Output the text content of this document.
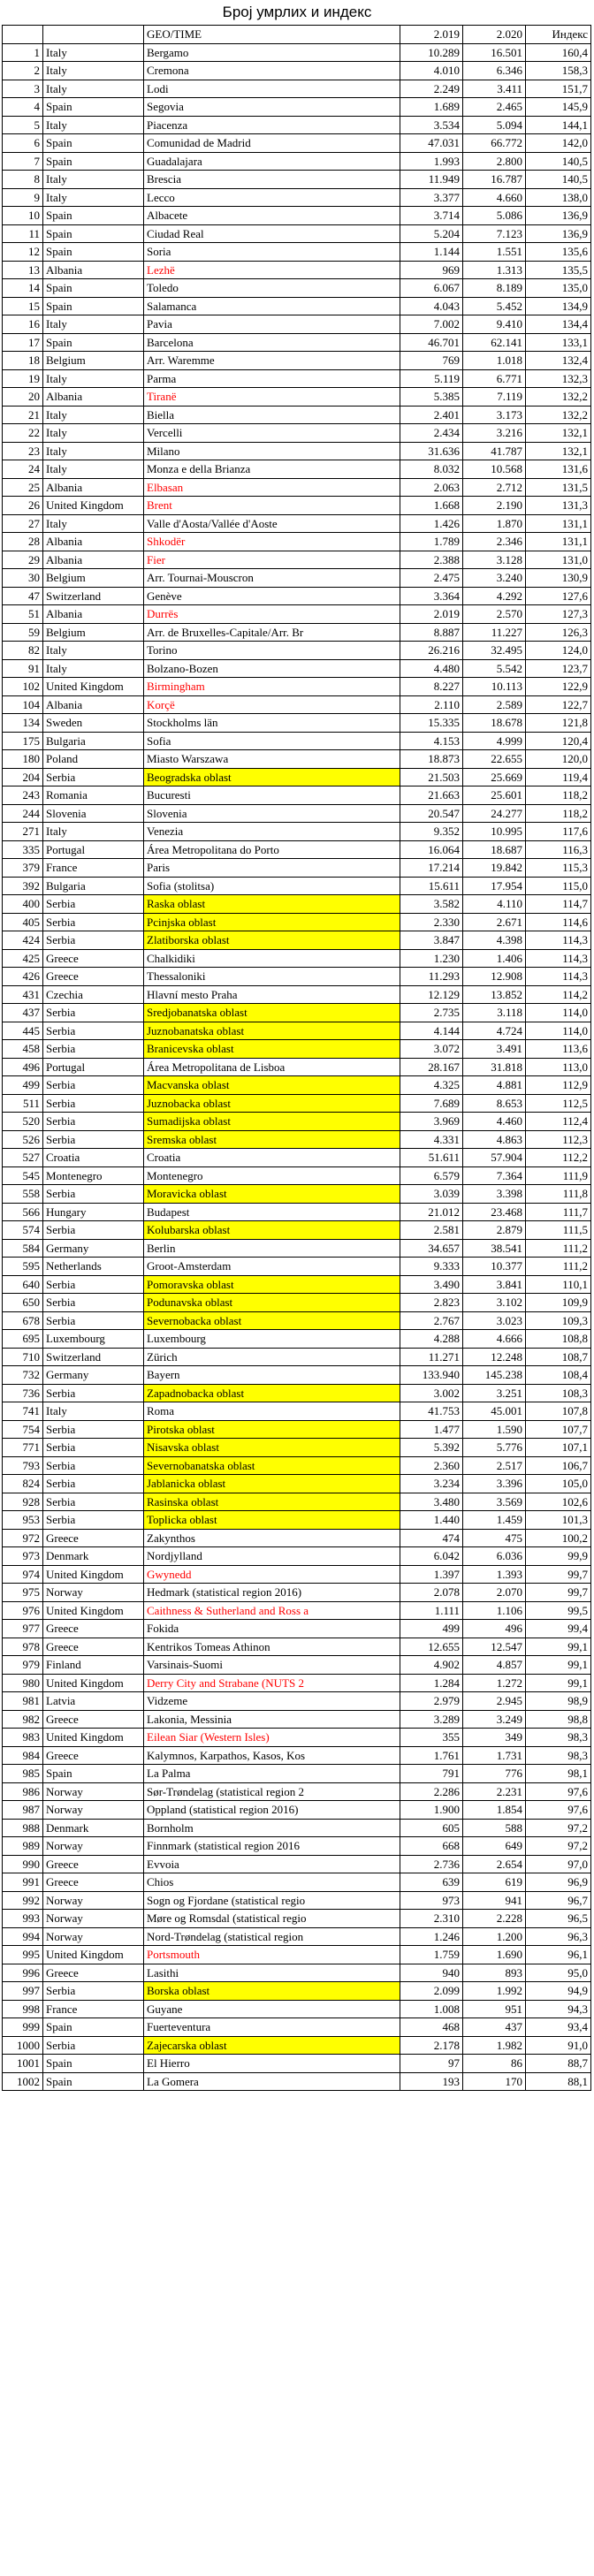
Број умрлих и индекс
		GEO/TIME	2.019	2.020	Индекс
1	Italy	Bergamo	10.289	16.501	160,4
2	Italy	Cremona	4.010	6.346	158,3
3	Italy	Lodi	2.249	3.411	151,7
4	Spain	Segovia	1.689	2.465	145,9
5	Italy	Piacenza	3.534	5.094	144,1
6	Spain	Comunidad de Madrid	47.031	66.772	142,0
7	Spain	Guadalajara	1.993	2.800	140,5
8	Italy	Brescia	11.949	16.787	140,5
9	Italy	Lecco	3.377	4.660	138,0
10	Spain	Albacete	3.714	5.086	136,9
11	Spain	Ciudad Real	5.204	7.123	136,9
12	Spain	Soria	1.144	1.551	135,6
13	Albania	Lezhë	969	1.313	135,5
14	Spain	Toledo	6.067	8.189	135,0
15	Spain	Salamanca	4.043	5.452	134,9
16	Italy	Pavia	7.002	9.410	134,4
17	Spain	Barcelona	46.701	62.141	133,1
18	Belgium	Arr. Waremme	769	1.018	132,4
19	Italy	Parma	5.119	6.771	132,3
20	Albania	Tiranë	5.385	7.119	132,2
21	Italy	Biella	2.401	3.173	132,2
22	Italy	Vercelli	2.434	3.216	132,1
23	Italy	Milano	31.636	41.787	132,1
24	Italy	Monza e della Brianza	8.032	10.568	131,6
25	Albania	Elbasan	2.063	2.712	131,5
26	United Kingdom	Brent	1.668	2.190	131,3
27	Italy	Valle d'Aosta/Vallée d'Aoste	1.426	1.870	131,1
28	Albania	Shkodër	1.789	2.346	131,1
29	Albania	Fier	2.388	3.128	131,0
30	Belgium	Arr. Tournai-Mouscron	2.475	3.240	130,9
47	Switzerland	Genève	3.364	4.292	127,6
51	Albania	Durrës	2.019	2.570	127,3
59	Belgium	Arr. de Bruxelles-Capitale/Arr. Br	8.887	11.227	126,3
82	Italy	Torino	26.216	32.495	124,0
91	Italy	Bolzano-Bozen	4.480	5.542	123,7
102	United Kingdom	Birmingham	8.227	10.113	122,9
104	Albania	Korçë	2.110	2.589	122,7
134	Sweden	Stockholms län	15.335	18.678	121,8
175	Bulgaria	Sofia	4.153	4.999	120,4
180	Poland	Miasto Warszawa	18.873	22.655	120,0
204	Serbia	Beogradska oblast	21.503	25.669	119,4
243	Romania	Bucuresti	21.663	25.601	118,2
244	Slovenia	Slovenia	20.547	24.277	118,2
271	Italy	Venezia	9.352	10.995	117,6
335	Portugal	Área Metropolitana do Porto	16.064	18.687	116,3
379	France	Paris	17.214	19.842	115,3
392	Bulgaria	Sofia (stolitsa)	15.611	17.954	115,0
400	Serbia	Raska oblast	3.582	4.110	114,7
405	Serbia	Pcinjska oblast	2.330	2.671	114,6
424	Serbia	Zlatiborska oblast	3.847	4.398	114,3
425	Greece	Chalkidiki	1.230	1.406	114,3
426	Greece	Thessaloniki	11.293	12.908	114,3
431	Czechia	Hlavní mesto Praha	12.129	13.852	114,2
437	Serbia	Sredjobanatska oblast	2.735	3.118	114,0
445	Serbia	Juznobanatska oblast	4.144	4.724	114,0
458	Serbia	Branicevska oblast	3.072	3.491	113,6
496	Portugal	Área Metropolitana de Lisboa	28.167	31.818	113,0
499	Serbia	Macvanska oblast	4.325	4.881	112,9
511	Serbia	Juznobacka oblast	7.689	8.653	112,5
520	Serbia	Sumadijska oblast	3.969	4.460	112,4
526	Serbia	Sremska oblast	4.331	4.863	112,3
527	Croatia	Croatia	51.611	57.904	112,2
545	Montenegro	Montenegro	6.579	7.364	111,9
558	Serbia	Moravicka oblast	3.039	3.398	111,8
566	Hungary	Budapest	21.012	23.468	111,7
574	Serbia	Kolubarska oblast	2.581	2.879	111,5
584	Germany	Berlin	34.657	38.541	111,2
595	Netherlands	Groot-Amsterdam	9.333	10.377	111,2
640	Serbia	Pomoravska oblast	3.490	3.841	110,1
650	Serbia	Podunavska oblast	2.823	3.102	109,9
678	Serbia	Severnobacka oblast	2.767	3.023	109,3
695	Luxembourg	Luxembourg	4.288	4.666	108,8
710	Switzerland	Zürich	11.271	12.248	108,7
732	Germany	Bayern	133.940	145.238	108,4
736	Serbia	Zapadnobacka oblast	3.002	3.251	108,3
741	Italy	Roma	41.753	45.001	107,8
754	Serbia	Pirotska oblast	1.477	1.590	107,7
771	Serbia	Nisavska oblast	5.392	5.776	107,1
793	Serbia	Severnobanatska oblast	2.360	2.517	106,7
824	Serbia	Jablanicka oblast	3.234	3.396	105,0
928	Serbia	Rasinska oblast	3.480	3.569	102,6
953	Serbia	Toplicka oblast	1.440	1.459	101,3
972	Greece	Zakynthos	474	475	100,2
973	Denmark	Nordjylland	6.042	6.036	99,9
974	United Kingdom	Gwynedd	1.397	1.393	99,7
975	Norway	Hedmark (statistical region 2016)	2.078	2.070	99,7
976	United Kingdom	Caithness & Sutherland and Ross a	1.111	1.106	99,5
977	Greece	Fokida	499	496	99,4
978	Greece	Kentrikos Tomeas Athinon	12.655	12.547	99,1
979	Finland	Varsinais-Suomi	4.902	4.857	99,1
980	United Kingdom	Derry City and Strabane (NUTS 2	1.284	1.272	99,1
981	Latvia	Vidzeme	2.979	2.945	98,9
982	Greece	Lakonia, Messinia	3.289	3.249	98,8
983	United Kingdom	Eilean Siar (Western Isles)	355	349	98,3
984	Greece	Kalymnos, Karpathos, Kasos, Kos	1.761	1.731	98,3
985	Spain	La Palma	791	776	98,1
986	Norway	Sør-Trøndelag (statistical region 2	2.286	2.231	97,6
987	Norway	Oppland (statistical region 2016)	1.900	1.854	97,6
988	Denmark	Bornholm	605	588	97,2
989	Norway	Finnmark (statistical region 2016	668	649	97,2
990	Greece	Evvoia	2.736	2.654	97,0
991	Greece	Chios	639	619	96,9
992	Norway	Sogn og Fjordane (statistical regio	973	941	96,7
993	Norway	Møre og Romsdal (statistical regio	2.310	2.228	96,5
994	Norway	Nord-Trøndelag (statistical region	1.246	1.200	96,3
995	United Kingdom	Portsmouth	1.759	1.690	96,1
996	Greece	Lasithi	940	893	95,0
997	Serbia	Borska oblast	2.099	1.992	94,9
998	France	Guyane	1.008	951	94,3
999	Spain	Fuerteventura	468	437	93,4
1000	Serbia	Zajecarska oblast	2.178	1.982	91,0
1001	Spain	El Hierro	97	86	88,7
1002	Spain	La Gomera	193	170	88,1
